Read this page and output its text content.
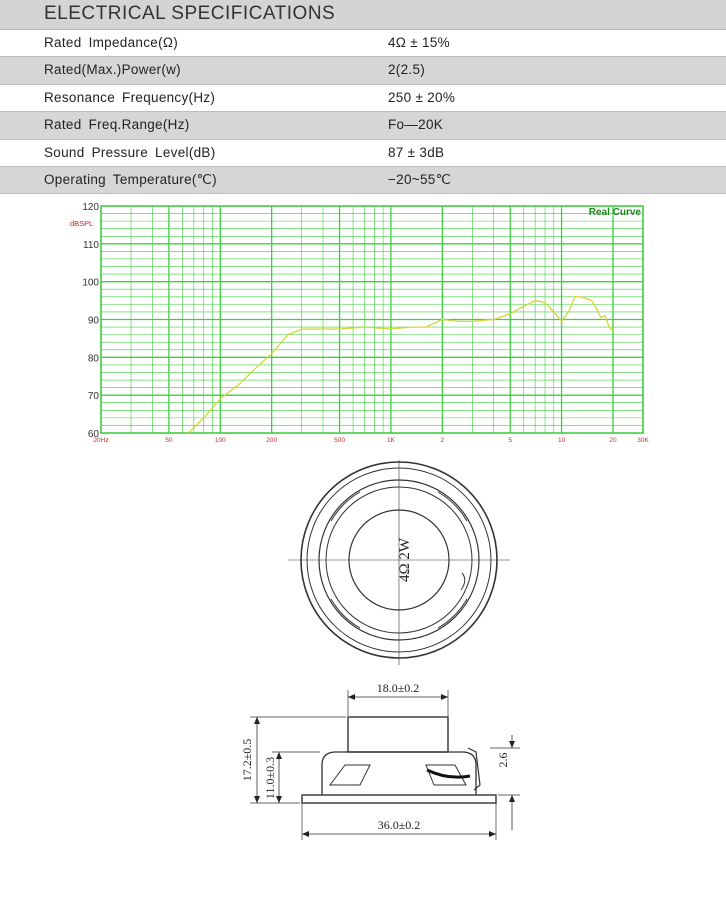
ELECTRICAL SPECIFICATIONS
Rated Impedance(Ω)	4Ω ± 15%
Rated(Max.)Power(w)	2(2.5)
Resonance Frequency(Hz)	250 ± 20%
Rated Freq.Range(Hz)	Fo—20K
Sound Pressure Level(dB)	87 ± 3dB
Operating Temperature(℃)	−20~55℃
20Hz	50	100	200	500	1K	2	5	10	20	30K
60
70
80
90
100
110
120	Real Curve
dBSPL
4Ω 2W
18.0±0.2
36.0±0.2
17.2±0.5 11.0±0.3	2.6
